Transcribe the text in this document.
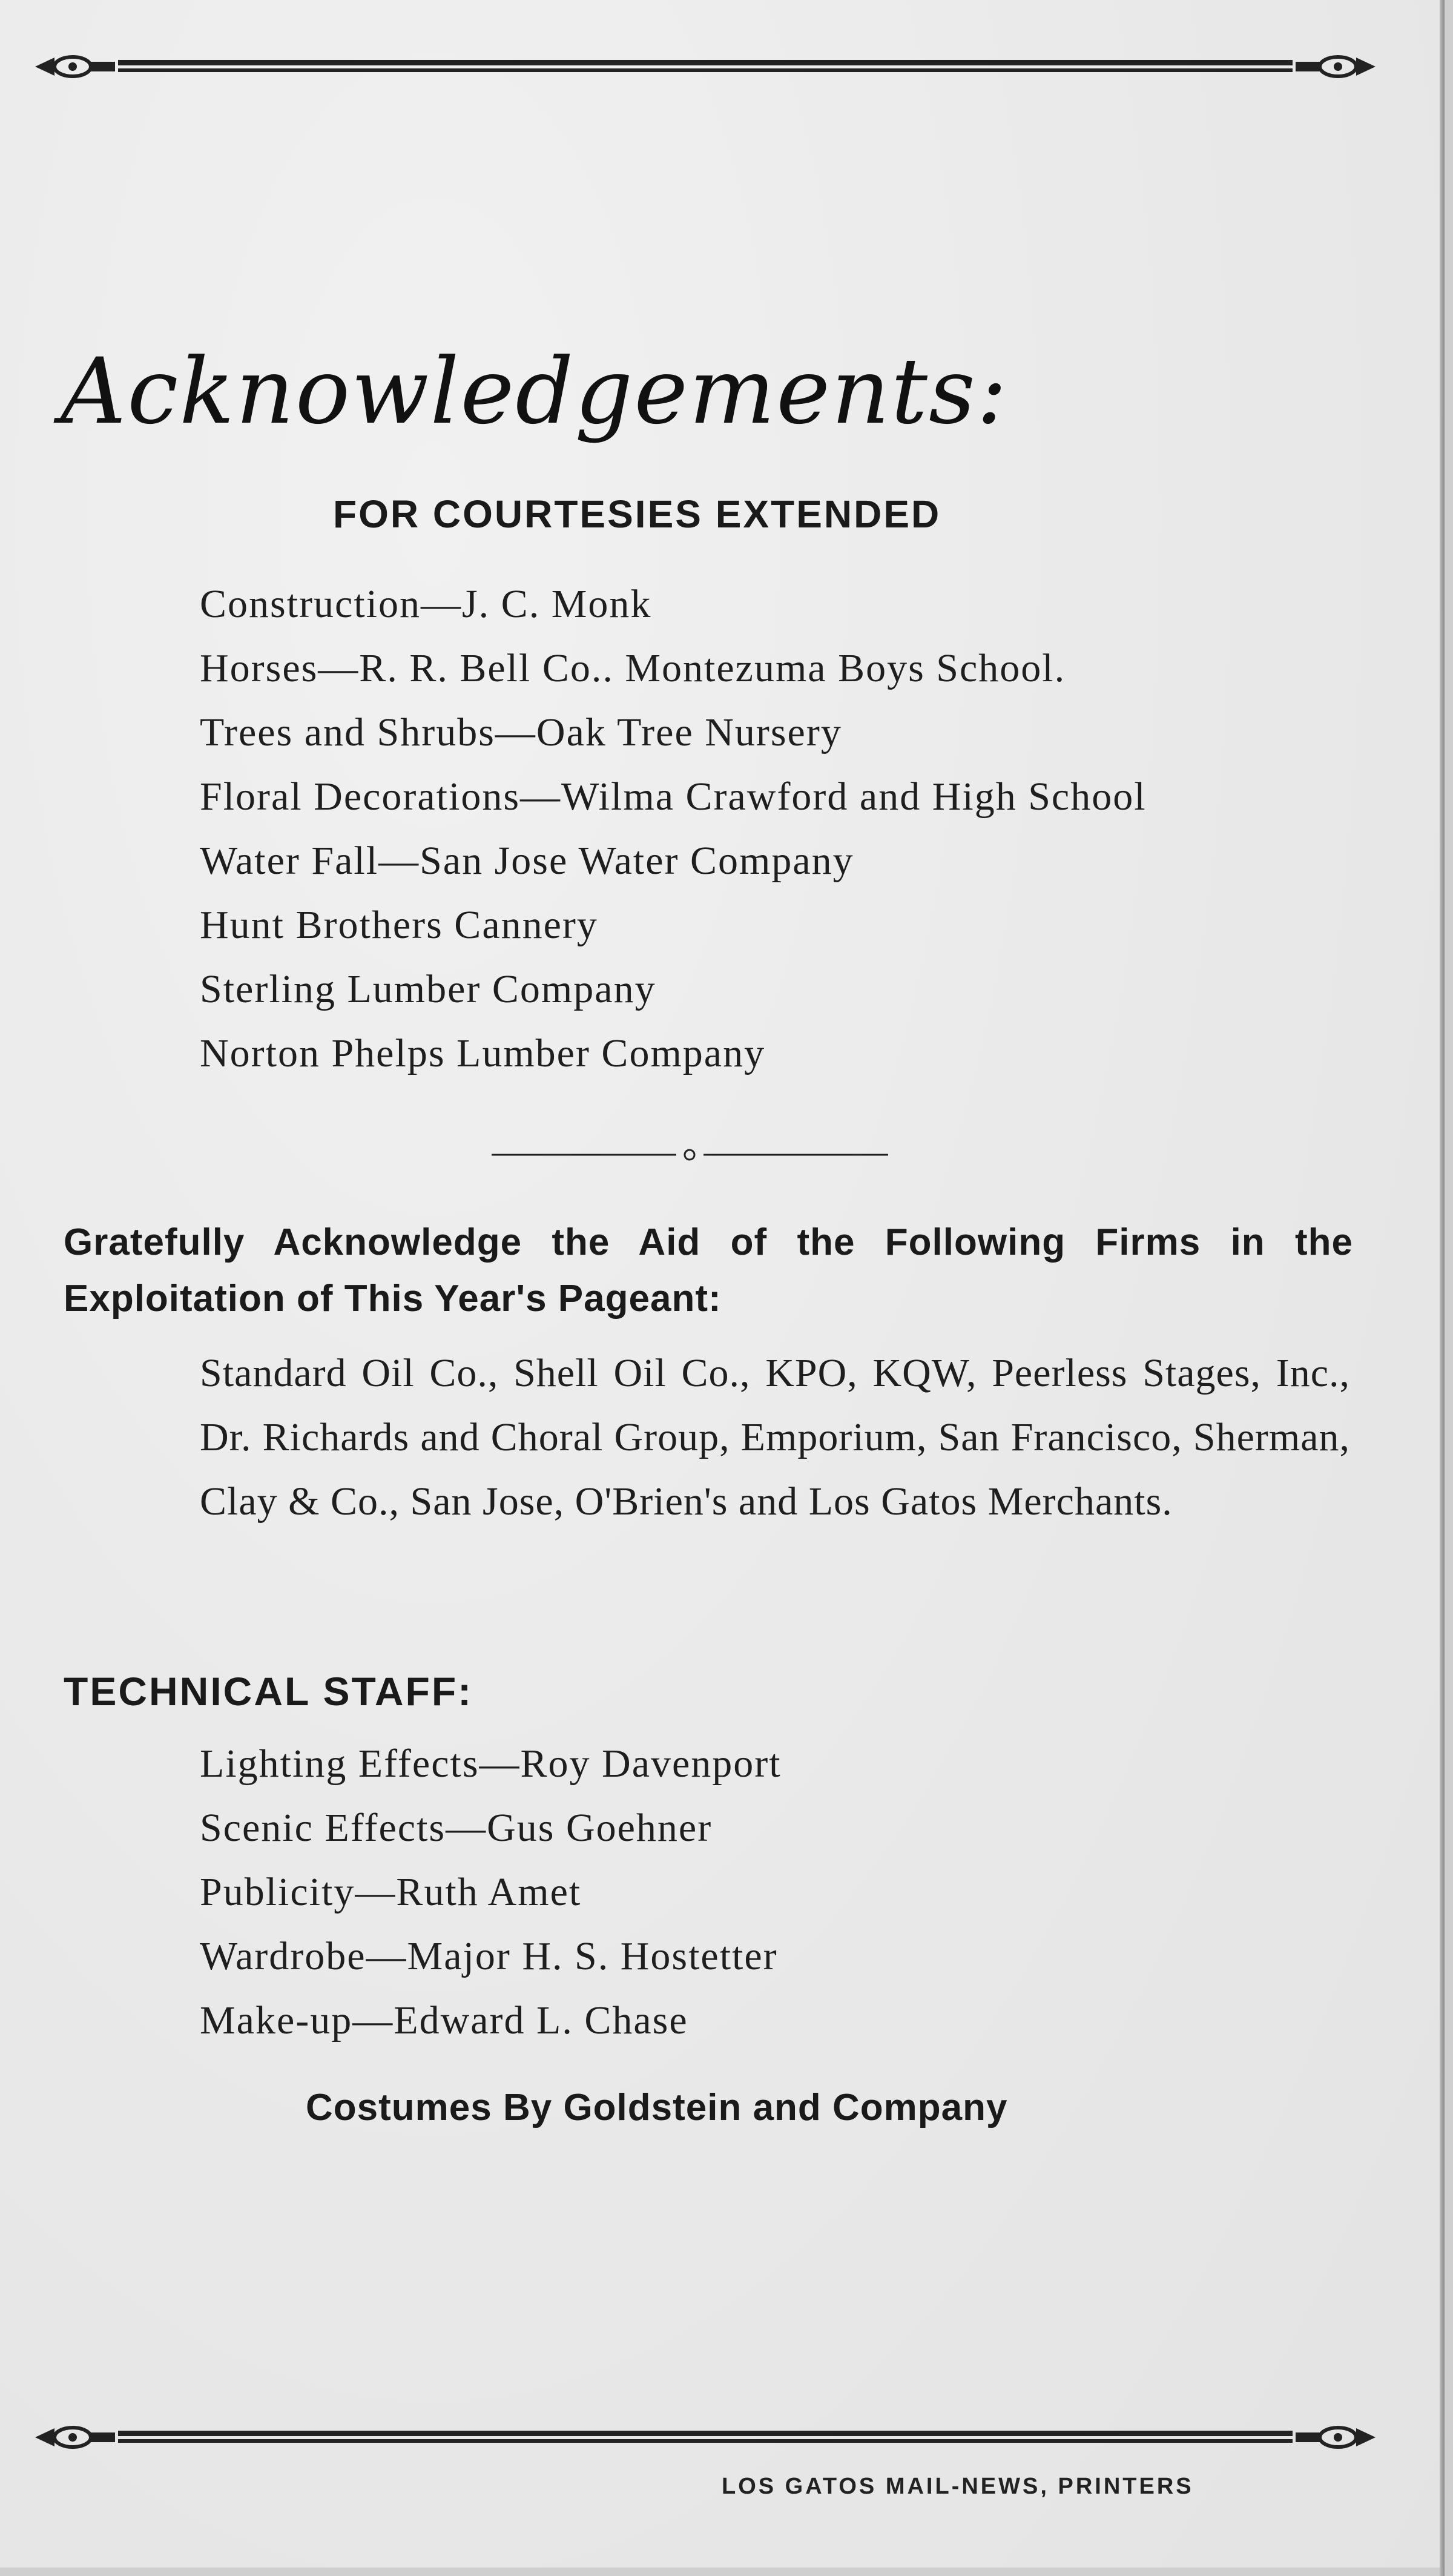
Acknowledgements:
FOR COURTESIES EXTENDED
Construction—J. C. Monk
Horses—R. R. Bell Co.. Montezuma Boys School.
Trees and Shrubs—Oak Tree Nursery
Floral Decorations—Wilma Crawford and High School
Water Fall—San Jose Water Company
Hunt Brothers Cannery
Sterling Lumber Company
Norton Phelps Lumber Company

Gratefully Acknowledge the Aid of the Following Firms in the Exploitation of This Year's Pageant:

Standard Oil Co., Shell Oil Co., KPO, KQW, Peerless Stages, Inc., Dr. Richards and Choral Group, Emporium, San Francisco, Sherman, Clay & Co., San Jose, O'Brien's and Los Gatos Merchants.

TECHNICAL STAFF:
Lighting Effects—Roy Davenport
Scenic Effects—Gus Goehner
Publicity—Ruth Amet
Wardrobe—Major H. S. Hostetter
Make-up—Edward L. Chase
Costumes By Goldstein and Company
LOS GATOS MAIL-NEWS, PRINTERS
